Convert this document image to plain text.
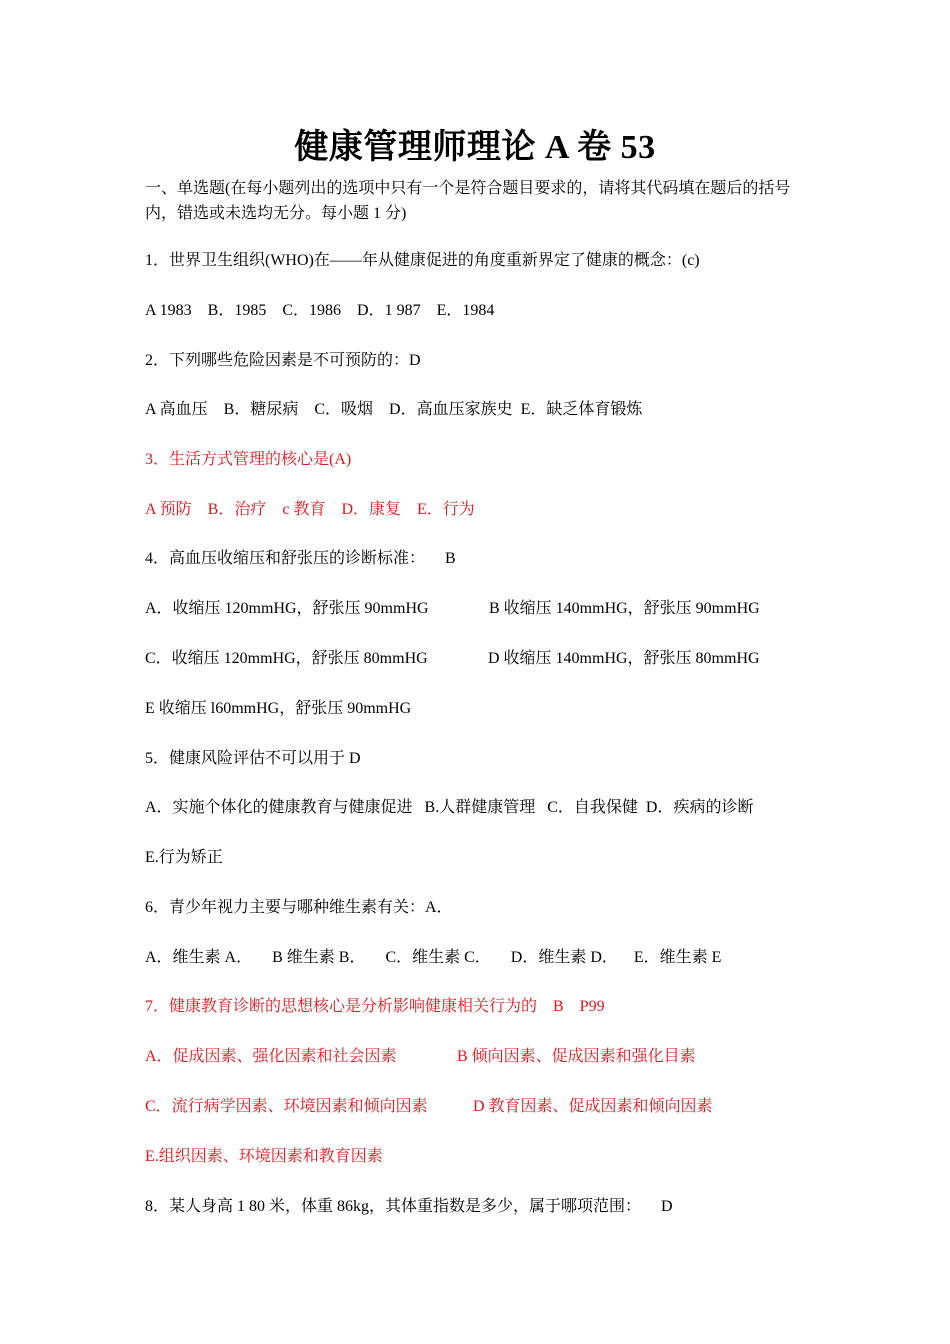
健康管理师理论 A 卷 53
一、单选题(在每小题列出的选项中只有一个是符合题目要求的，请将其代码填在题后的括号内，错选或未选均无分。每小题 1 分)
1．世界卫生组织(WHO)在——年从健康促进的角度重新界定了健康的概念：(c)
A 1983    B．1985    C．1986    D．1 987    E．1984
2．下列哪些危险因素是不可预防的：D
A 高血压    B．糖尿病    C．吸烟    D．高血压家族史  E．缺乏体育锻炼
3．生活方式管理的核心是(A)
A 预防    B．治疗    c 教育    D．康复    E．行为
4．高血压收缩压和舒张压的诊断标准：     B
A．收缩压 120mmHG，舒张压 90mmHG	B 收缩压 140mmHG，舒张压 90mmHG
C．收缩压 120mmHG，舒张压 80mmHG	D 收缩压 140mmHG，舒张压 80mmHG
E 收缩压 l60mmHG，舒张压 90mmHG
5．健康风险评估不可以用于 D
A．实施个体化的健康教育与健康促进   B.人群健康管理   C．自我保健  D．疾病的诊断
E.行为矫正
6．青少年视力主要与哪种维生素有关：A．
A．维生素 A．     B 维生素 B．     C．维生素 C．     D．维生素 D．    E．维生素 E
7．健康教育诊断的思想核心是分析影响健康相关行为的    B    P99
A．促成因素、强化因素和社会因素	B 倾向因素、促成因素和强化目素
C．流行病学因素、环境因素和倾向因素	D 教育因素、促成因素和倾向因素
E.组织因素、环境因素和教育因素
8．某人身高 1 80 米，体重 86kg，其体重指数是多少，属于哪项范围：     D
